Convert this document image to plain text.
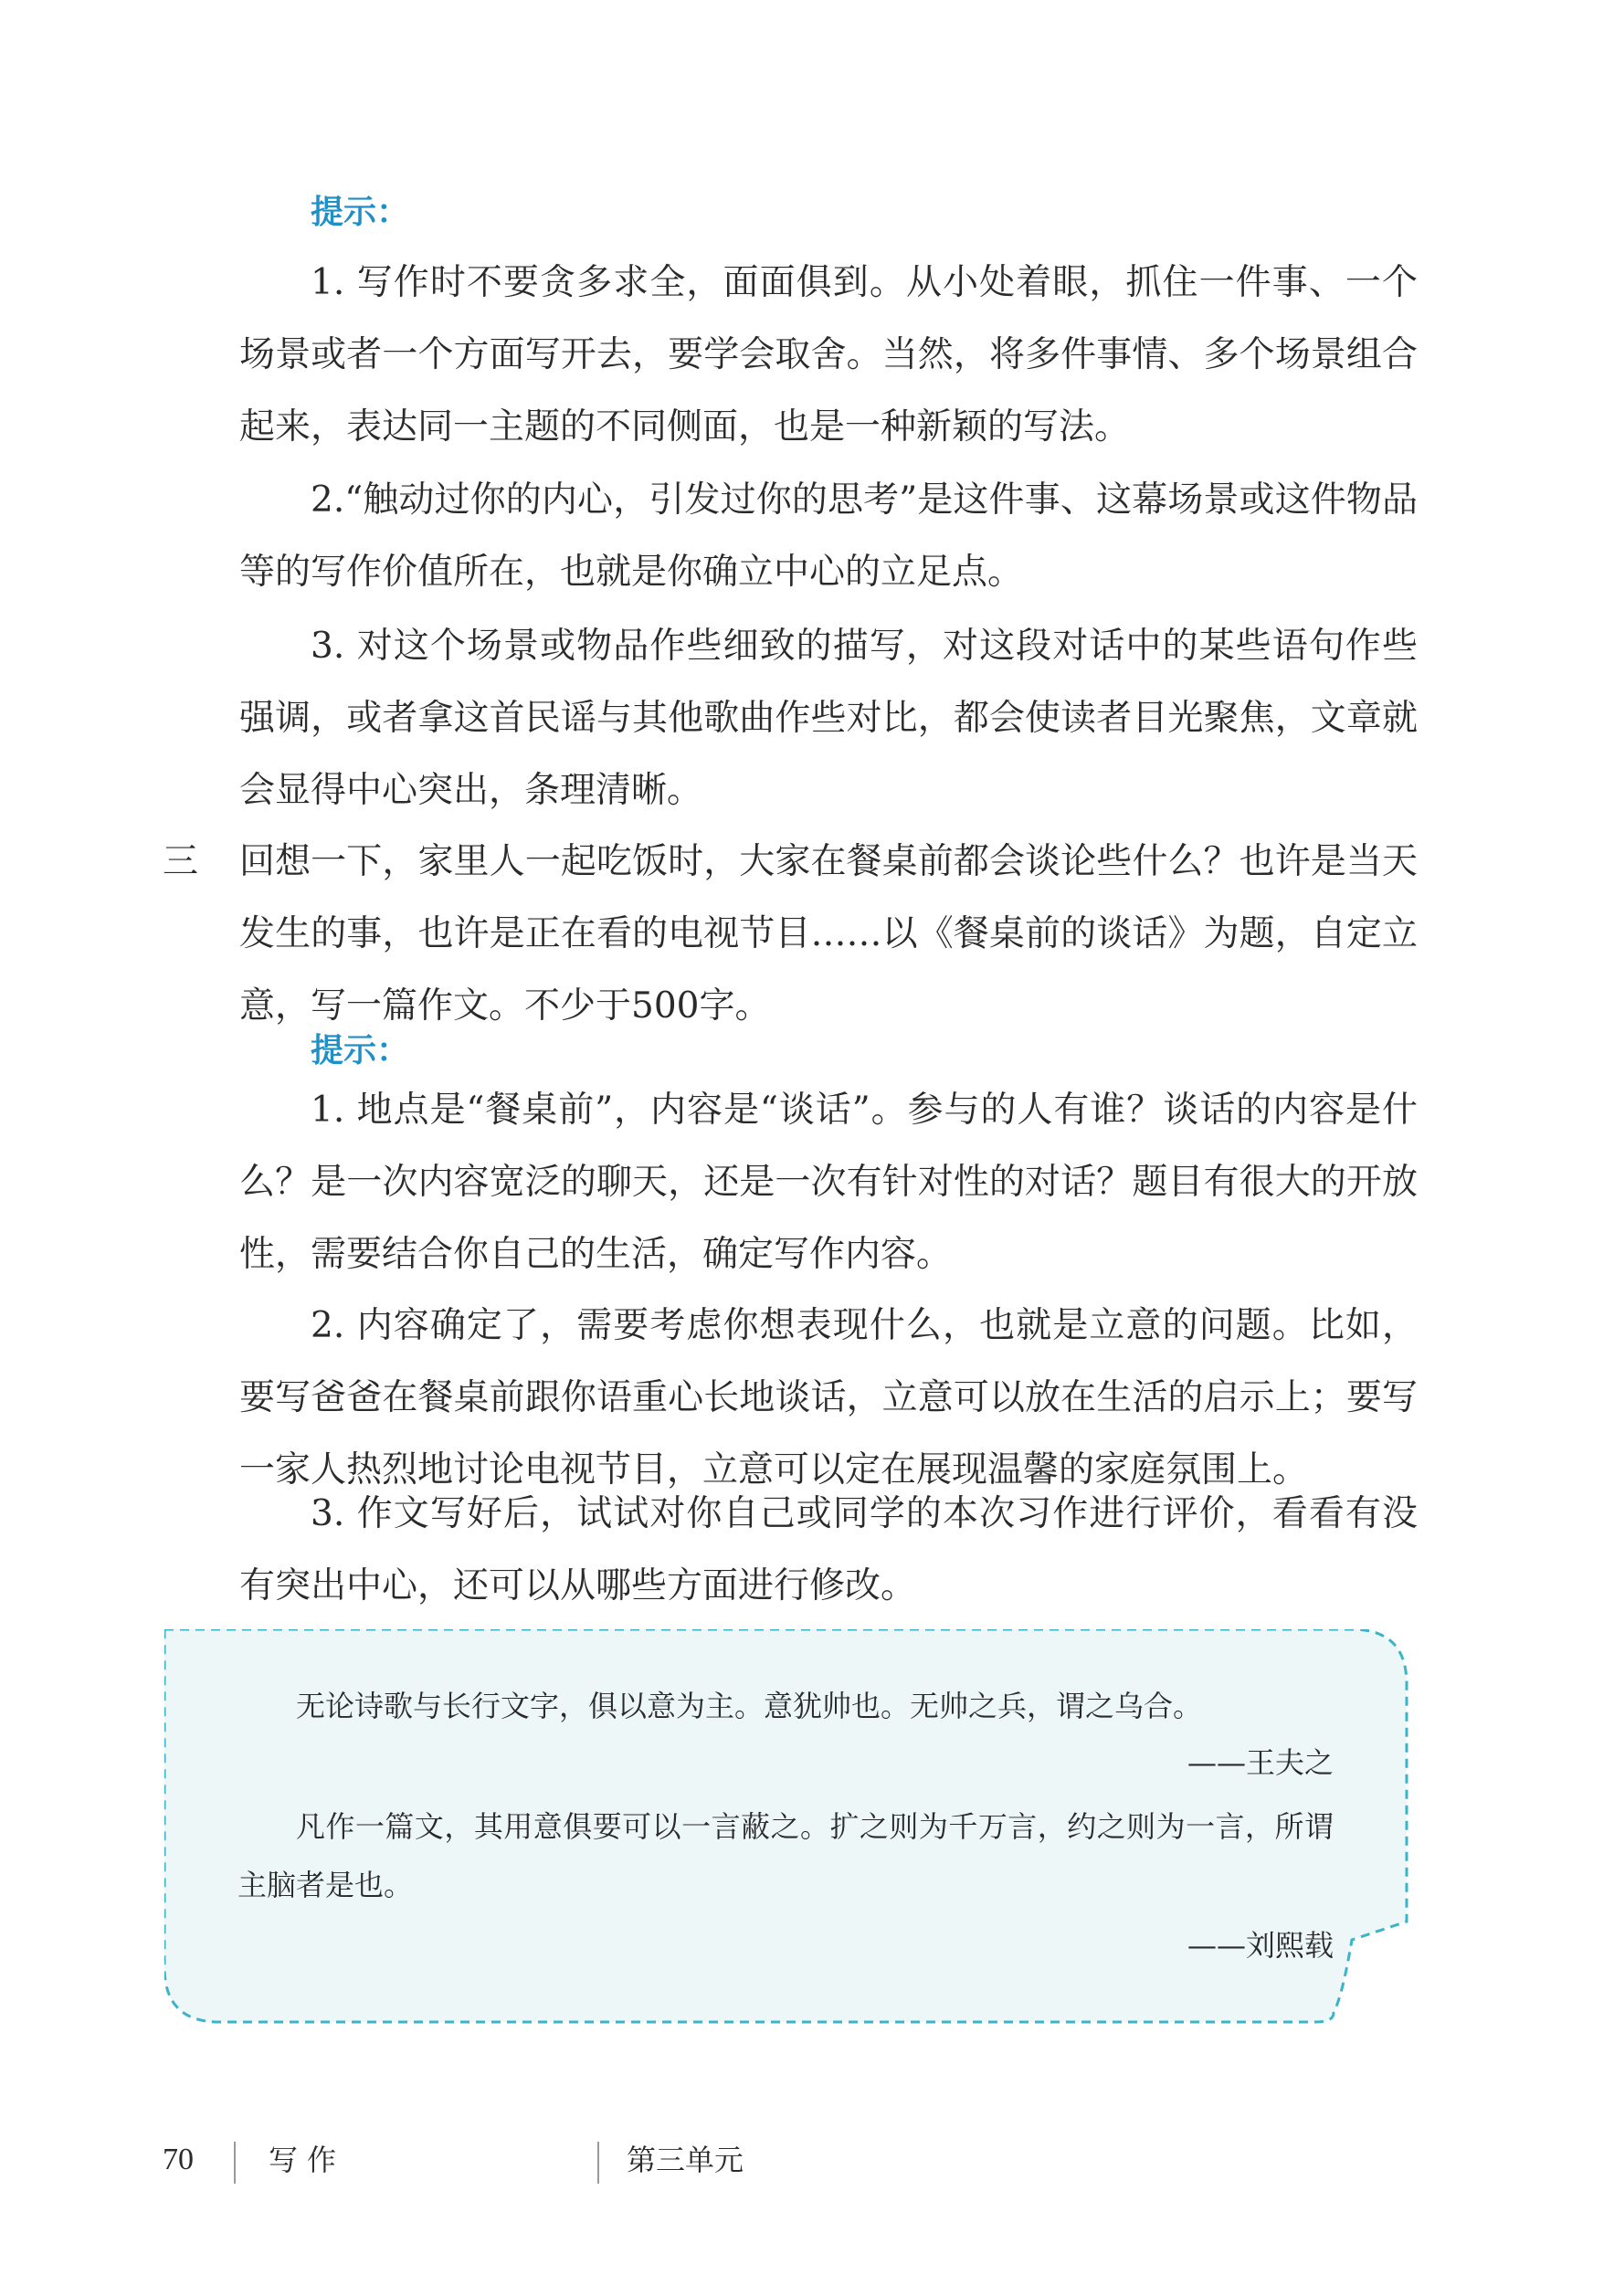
提示：

1. 写作时不要贪多求全，面面俱到。从小处着眼，抓住一件事、一个场景或者一个方面写开去，要学会取舍。当然，将多件事情、多个场景组合起来，表达同一主题的不同侧面，也是一种新颖的写法。

2.“触动过你的内心，引发过你的思考”是这件事、这幕场景或这件物品等的写作价值所在，也就是你确立中心的立足点。

3. 对这个场景或物品作些细致的描写，对这段对话中的某些语句作些强调，或者拿这首民谣与其他歌曲作些对比，都会使读者目光聚焦，文章就会显得中心突出，条理清晰。

三 回想一下，家里人一起吃饭时，大家在餐桌前都会谈论些什么？也许是当天发生的事，也许是正在看的电视节目……以《餐桌前的谈话》为题，自定立意，写一篇作文。不少于500字。

提示：

1. 地点是“餐桌前”，内容是“谈话”。参与的人有谁？谈话的内容是什么？是一次内容宽泛的聊天，还是一次有针对性的对话？题目有很大的开放性，需要结合你自己的生活，确定写作内容。

2. 内容确定了，需要考虑你想表现什么，也就是立意的问题。比如，要写爸爸在餐桌前跟你语重心长地谈话，立意可以放在生活的启示上；要写一家人热烈地讨论电视节目，立意可以定在展现温馨的家庭氛围上。

3. 作文写好后，试试对你自己或同学的本次习作进行评价，看看有没有突出中心，还可以从哪些方面进行修改。

无论诗歌与长行文字，俱以意为主。意犹帅也。无帅之兵，谓之乌合。

——王夫之

凡作一篇文，其用意俱要可以一言蔽之。扩之则为千万言，约之则为一言，所谓主脑者是也。

——刘熙载

70	写作	第三单元
